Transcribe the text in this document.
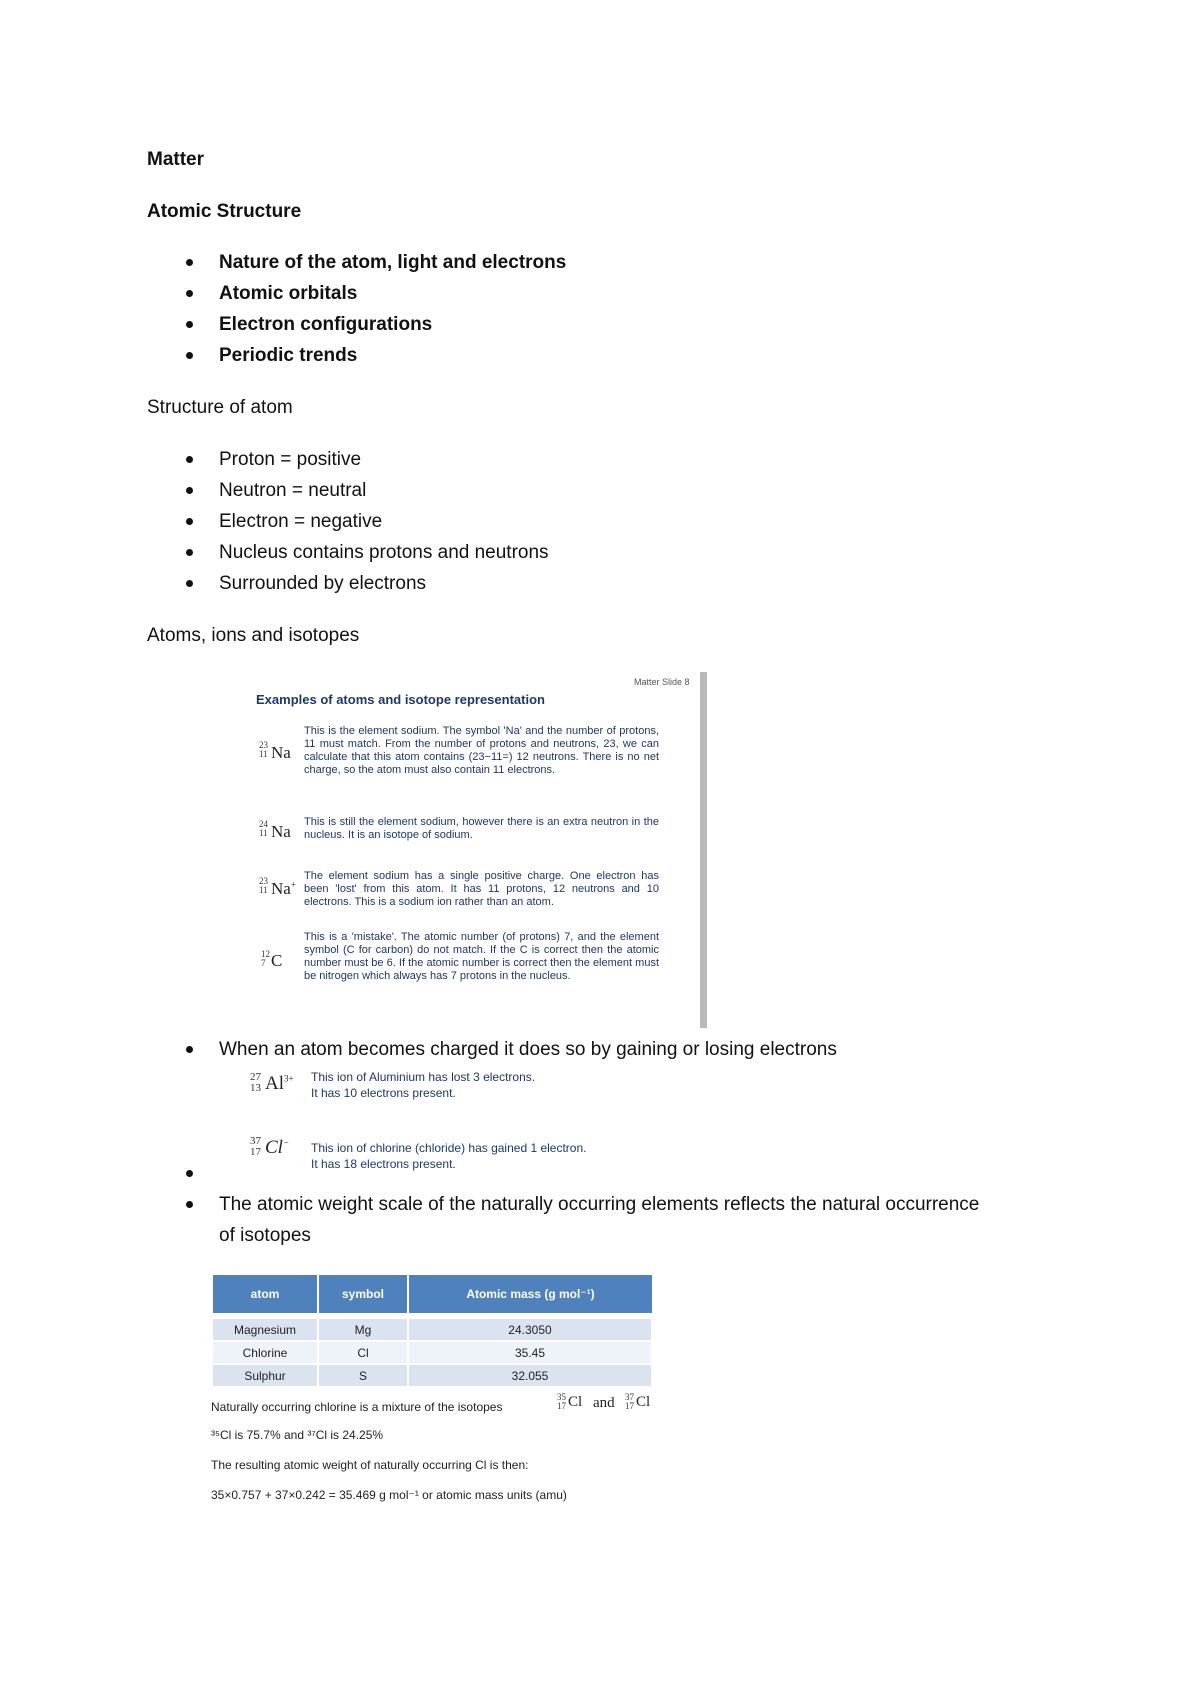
Matter
Atomic Structure
Nature of the atom, light and electrons
Atomic orbitals
Electron configurations
Periodic trends
Structure of atom
Proton = positive
Neutron = neutral
Electron = negative
Nucleus contains protons and neutrons
Surrounded by electrons
Atoms, ions and isotopes
Matter Slide 8
Examples of atoms and isotope representation
23
11 Na
This is the element sodium. The symbol 'Na' and the number of protons, 11 must match. From the number of protons and neutrons, 23, we can calculate that this atom contains (23−11=) 12 neutrons. There is no net charge, so the atom must also contain 11 electrons.
24
11 Na This is still the element sodium, however there is an extra neutron in the nucleus. It is an isotope of sodium.
23
11 Na+
The element sodium has a single positive charge. One electron has been 'lost' from this atom. It has 11 protons, 12 neutrons and 10 electrons. This is a sodium ion rather than an atom.
12
7 C
This is a 'mistake'. The atomic number (of protons) 7, and the element symbol (C for carbon) do not match. If the C is correct then the atomic number must be 6. If the atomic number is correct then the element must be nitrogen which always has 7 protons in the nucleus.
When an atom becomes charged it does so by gaining or losing electrons
27
13 $Al^{3+}$ This ion of Aluminium has lost 3 electrons.
It has 10 electrons present.
37
17 Cl− This ion of chlorine (chloride) has gained 1 electron.
It has 18 electrons present.
The atomic weight scale of the naturally occurring elements reflects the natural occurrence
of isotopes
atom	symbol	Atomic mass (g mol⁻¹)

Magnesium	Mg	24.3050
Chlorine	Cl	35.45
Sulphur	S	32.055
Naturally occurring chlorine is a mixture of the isotopes
35
17 Cl and 37
17 Cl
³⁵Cl is 75.7% and ³⁷Cl is 24.25%
The resulting atomic weight of naturally occurring Cl is then:
35×0.757 + 37×0.242 = 35.469 g mol⁻¹ or atomic mass units (amu)
